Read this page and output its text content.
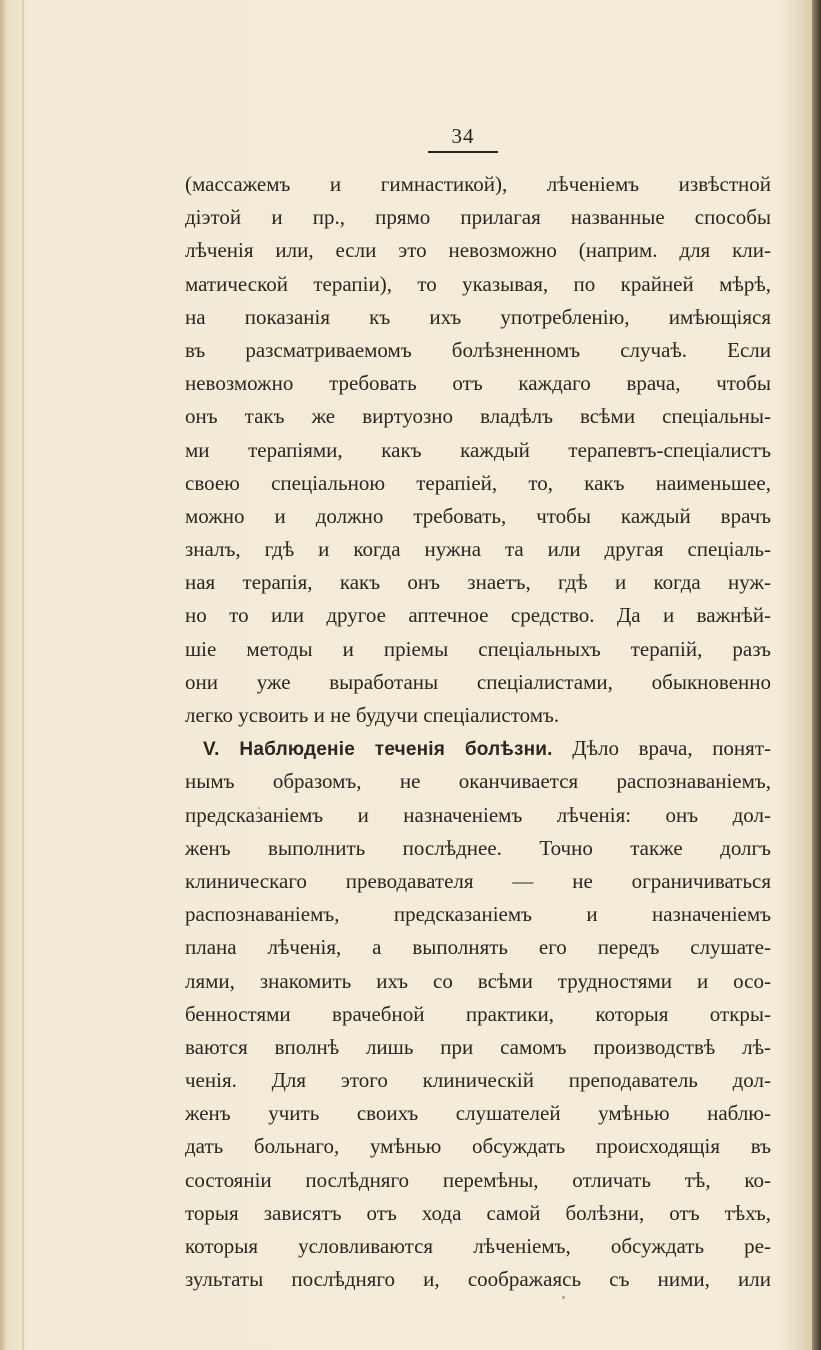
34
(массажемъ и гимнастикой), лѣченіемъ извѣстной
діэтой и пр., прямо прилагая названные способы
лѣченія или, если это невозможно (наприм. для кли-
матической терапіи), то указывая, по крайней мѣрѣ,
на показанія къ ихъ употребленію, имѣющіяся
въ разсматриваемомъ болѣзненномъ случаѣ. Если
невозможно требовать отъ каждаго врача, чтобы
онъ такъ же виртуозно владѣлъ всѣми спеціальны-
ми терапіями, какъ каждый терапевтъ-спеціалистъ
своею спеціальною терапіей, то, какъ наименьшее,
можно и должно требовать, чтобы каждый врачъ
зналъ, гдѣ и когда нужна та или другая спеціаль-
ная терапія, какъ онъ знаетъ, гдѣ и когда нуж-
но то или другое аптечное средство. Да и важнѣй-
шіе методы и пріемы спеціальныхъ терапій, разъ
они уже выработаны спеціалистами, обыкновенно
легко усвоить и не будучи спеціалистомъ.
V. Наблюденіе теченія болѣзни. Дѣло врача, понят-
нымъ образомъ, не оканчивается распознаваніемъ,
предсказаніемъ и назначеніемъ лѣченія: онъ дол-
женъ выполнить послѣднее. Точно также долгъ
клиническаго преводавателя — не ограничиваться
распознаваніемъ, предсказаніемъ и назначеніемъ
плана лѣченія, а выполнять его передъ слушате-
лями, знакомить ихъ со всѣми трудностями и осо-
бенностями врачебной практики, которыя откры-
ваются вполнѣ лишь при самомъ производствѣ лѣ-
ченія. Для этого клиническій преподаватель дол-
женъ учить своихъ слушателей умѣнью наблю-
дать больнаго, умѣнью обсуждать происходящія въ
состояніи послѣдняго перемѣны, отличать тѣ, ко-
торыя зависятъ отъ хода самой болѣзни, отъ тѣхъ,
которыя условливаются лѣченіемъ, обсуждать ре-
зультаты послѣдняго и, соображаясь съ ними, или
